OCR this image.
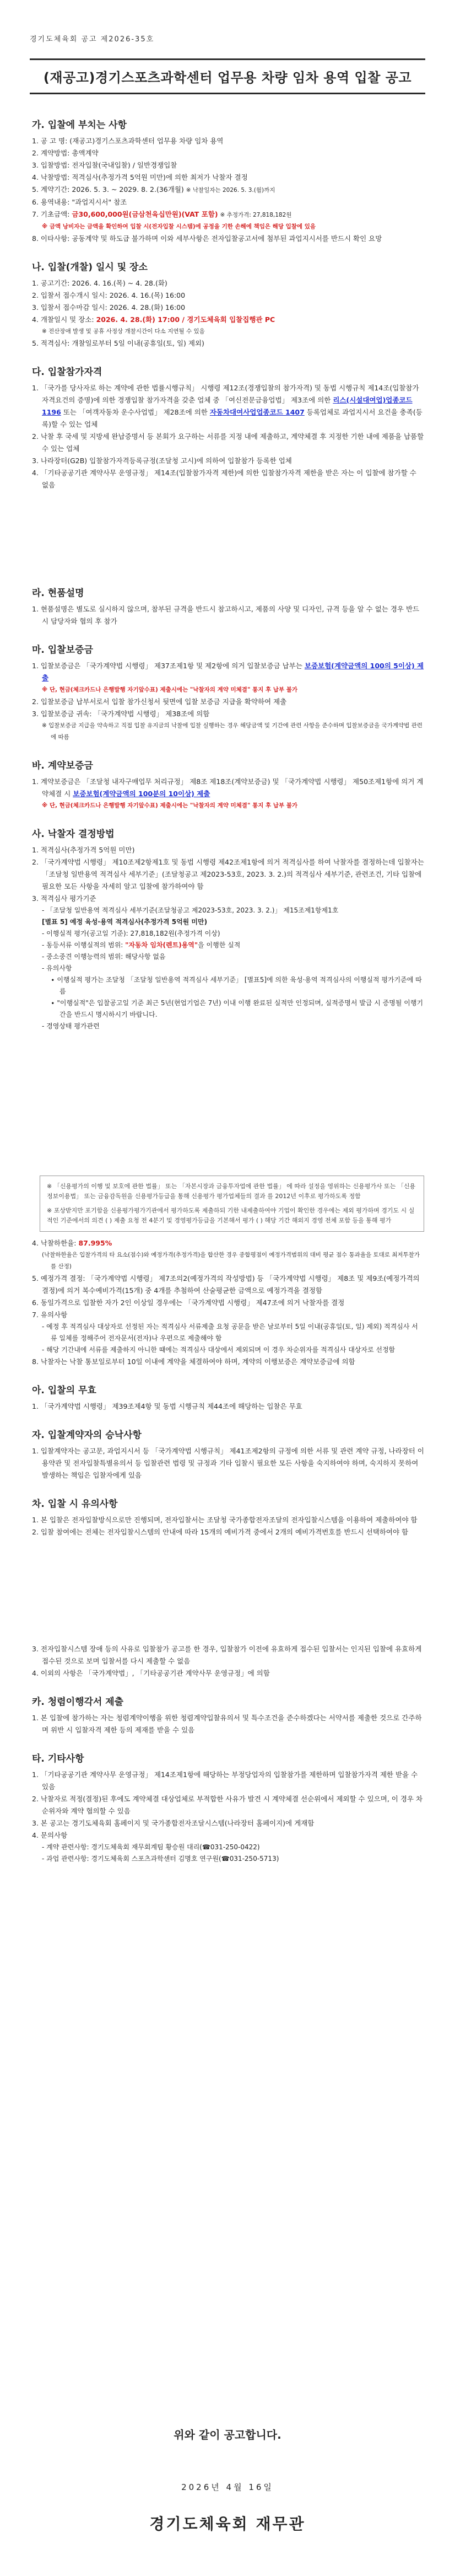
경기도체육회 공고 제2026-35호
(재공고)경기스포츠과학센터 업무용 차량 임차 용역 입찰 공고
가. 입찰에 부치는 사항

1. 공 고 명: (재공고)경기스포츠과학센터 업무용 차량 임차 용역

2. 계약방법: 총액계약

3. 입찰방법: 전자입찰(국내입찰) / 일반경쟁입찰

4. 낙찰방법: 적격심사(추정가격 5억원 미만)에 의한 최저가 낙찰자 결정

5. 계약기간: 2026. 5. 3. ~ 2029. 8. 2.(36개월) ※ 낙찰일자는 2026. 5. 3.(월)까지

6. 용역내용: "과업지시서" 참조

7. 기초금액: 금30,600,000원(금삼천육십만원)(VAT 포함) ※ 추정가격: 27,818,182원

※ 금액 낭비자는 금액을 확인하여 입찰 시(전자입찰 시스템)에 공정을 기한 손해에 책임은 해당 입찰에 있음

8. 이타사항: 공동계약 및 하도급 불가하며 이와 세부사항은 전자입찰공고서에 첨부된 과업지시서를 반드시 확인 요망

나. 입찰(개찰) 일시 및 장소

1. 공고기간: 2026. 4. 16.(목) ~ 4. 28.(화)

2. 입찰서 접수개시 일시: 2026. 4. 16.(목) 16:00

3. 입찰서 접수마감 일시: 2026. 4. 28.(화) 16:00

4. 개찰일시 및 장소: 2026. 4. 28.(화) 17:00 / 경기도체육회 입찰집행관 PC

※ 전산장애 발생 및 공휴 사정상 개찰시간이 다소 지연될 수 있음

5. 적격심사: 개찰일로부터 5일 이내(공휴일(토, 일) 제외)

다. 입찰참가자격

1. 「국가를 당사자로 하는 계약에 관한 법률시행규칙」 시행령 제12조(경쟁입찰의 참가자격) 및 동법 시행규칙 제14조(입찰참가자격요건의 증명)에 의한 경쟁입찰 참가자격을 갖춘 업체 중 「여신전문금융업법」 제3조에 의한 리스(시설대여업)업종코드 1196 또는 「여객자동차 운수사업법」 제28조에 의한 자동차대여사업업종코드 1407 등록업체로 과업지시서 요건을 충족(등록)할 수 있는 업체

2. 낙찰 후 국세 및 지방세 완납증명서 등 본회가 요구하는 서류를 지정 내에 제출하고, 계약체결 후 지정한 기한 내에 제품을 납품할 수 있는 업체

3. 나라장터(G2B) 입찰참가자격등록규정(조달청 고시)에 의하여 입찰참가 등록한 업체

4. 「기타공공기관 계약사무 운영규정」 제14조(입찰참가자격 제한)에 의한 입찰참가자격 제한을 받은 자는 이 입찰에 참가할 수 없음

라. 현품설명

1. 현품설명은 별도로 실시하지 않으며, 참부된 규격을 반드시 참고하시고, 제품의 사양 및 디자인, 규격 등을 알 수 없는 경우 반드시 담당자와 협의 후 참가

마. 입찰보증금

1. 입찰보증금은 「국가계약법 시행령」 제37조제1항 및 제2항에 의거 입찰보증금 납부는 보증보험(계약금액의 100의 5이상) 제출

※ 단, 현금(체크카드나 은행발행 자기앞수표) 제출시에는 "낙찰자의 계약 미체결" 통지 후 납부 불가

2. 입찰보증금 납부서로서 입찰 참가신청서 뒷면에 입찰 보증금 지급을 확약하여 제출

3. 입찰보증금 귀속: 「국가계약법 시행령」 제38조에 의함

※ 입찰보증금 지급을 약속하고 직접 입찰 유지금의 낙찰에 입찰 실행하는 경우 해당금액 및 기간에 관련 사항을 준수하며 입찰보증금을 국가계약법 관련에 따름

바. 계약보증금

1. 계약보증금은 「조달청 내자구매업무 처리규정」 제8조 제18조(계약보증금) 및 「국가계약법 시행령」 제50조제1항에 의거 계약체결 시 보증보험(계약금액의 100분의 10이상) 제출

※ 단, 현금(체크카드나 은행발행 자기앞수표) 제출시에는 "낙찰자의 계약 미체결" 통지 후 납부 불가

사. 낙찰자 결정방법

1. 적격심사(추정가격 5억원 미만)

2. 「국가계약법 시행령」 제10조제2항제1호 및 동법 시행령 제42조제1항에 의거 적격심사를 하여 낙찰자를 결정하는데 입찰자는 「조달청 일반용역 적격심사 세부기준」(조달청공고 제2023-53호, 2023. 3. 2.)의 적격심사 세부기준, 관련조건, 기타 입찰에 필요한 모든 사항을 자세히 알고 입찰에 참가하여야 함

3. 적격심사 평가기준

- 「조달청 일반용역 적격심사 세부기준(조달청공고 제2023-53호, 2023. 3. 2.)」 제15조제1항제1호

[별표 5] 예정 육성·용역 적격심사(추정가격 5억원 미만)

- 이행실적 평가(공고일 기준): 27,818,182원(추정가격 이상)

- 동등서류 이행실적의 범위: "자동차 임차(렌트)용역"을 이행한 실적

- 중소중견 이행능력의 범위: 해당사항 없음

- 유의사항

∙ 이행실적 평가는 조달청 「조달청 일반용역 적격심사 세부기준」 [별표5]에 의한 육성·용역 적격심사의 이행실적 평가기준에 따름

∙ "이행실적"은 입찰공고일 기준 최근 5년(현업기업은 7년) 이내 이행 완료된 실적만 인정되며, 실적증명서 발급 시 증명될 이행기간을 반드시 명시하시기 바랍니다.

- 경영상태 평가관련

※ 「신용평가의 이행 및 보호에 관한 법률」 또는 「자본시장과 금융투자업에 관한 법률」 에 따라 설정을 영위하는 신용평가사 또는 「신용정보이용법」 또는 금융감독원을 신용평가등급을 통해 신용평가 평가업체들의 결과 를 2012년 이후로 평가하도록 정함
※ 포상받지만 포기함을 신용평가평가기관에서 평가하도록 제출하되 기한 내제출하여야 기업이 확인한 경우에는 제외 평가하며 경기도 시 실적인 기준에서의 의견 ( ) 제출 요청 전 4분기 및 경영평가등급을 기본해서 평가 ( ) 해당 기간 해외지 경영 전체 포함 등을 통해 평가

4. 낙찰하한율: 87.995%

(낙찰하한율은 입찰가격의 타 요소(점수)와 예정가격(추정가격)을 합산한 경우 종합평점이 예정가격범위의 대비 평균 점수 통과율을 토대로 최저투찰가를 산정)

5. 예정가격 결정: 「국가계약법 시행령」 제7조의2(예정가격의 작성방법) 등 「국가계약법 시행령」 제8조 및 제9조(예정가격의 결정)에 의거 복수예비가격(15개) 중 4개를 추첨하여 산술평균한 금액으로 예정가격을 결정함

6. 동일가격으로 입찰한 자가 2인 이상일 경우에는 「국가계약법 시행령」 제47조에 의거 낙찰자를 결정

7. 유의사항

- 예정 후 적격심사 대상자로 선정된 자는 적격심사 서류제출 요청 공문을 받은 날로부터 5일 이내(공휴일(토, 일) 제외) 적격심사 서류 일체를 정해주어 전자문서(전자)나 우편으로 제출해야 함

- 해당 기간내에 서류를 제출하지 아니한 때에는 적격심사 대상에서 제외되며 이 경우 차순위자를 적격심사 대상자로 선정함

8. 낙찰자는 낙찰 통보일로부터 10일 이내에 계약을 체결하여야 하며, 계약의 이행보증은 계약보증금에 의함

아. 입찰의 무효

1. 「국가계약법 시행령」 제39조제4항 및 동법 시행규칙 제44조에 해당하는 입찰은 무효

자. 입찰계약자의 승낙사항

1. 입찰계약자는 공고문, 과업지시서 등 「국가계약법 시행규칙」 제41조제2항의 규정에 의한 서류 및 관련 계약 규정, 나라장터 이용약관 및 전자입찰특별유의서 등 입찰관련 법령 및 규정과 기타 입찰시 필요한 모든 사항을 숙지하여야 하며, 숙지하지 못하여 발생하는 책임은 입찰자에게 있음

차. 입찰 시 유의사항

1. 본 입찰은 전자입찰방식으로만 진행되며, 전자입찰서는 조달청 국가종합전자조달의 전자입찰시스템을 이용하여 제출하여야 함

2. 입찰 참여에는 전체는 전자입찰시스템의 안내에 따라 15개의 예비가격 중에서 2개의 예비가격번호를 반드시 선택하여야 함

3. 전자입찰시스템 장애 등의 사유로 입찰참가 공고를 한 경우, 입찰참가 이전에 유효하게 접수된 입찰서는 인지된 입찰에 유효하게 접수된 것으로 보며 입찰서를 다시 제출할 수 없음

4. 이외의 사항은 「국가계약법」, 「기타공공기관 계약사무 운영규정」에 의함

카. 청렴이행각서 제출

1. 본 입찰에 참가하는 자는 청렴계약이행을 위한 청렴계약입찰유의서 및 특수조건을 준수하겠다는 서약서를 제출한 것으로 간주하며 위반 시 입찰자격 제한 등의 제재를 받을 수 있음

타. 기타사항

1. 「기타공공기관 계약사무 운영규정」 제14조제1항에 해당하는 부정당업자의 입찰참가를 제한하며 입찰참가자격 제한 받을 수 있음

2. 낙찰자로 적정(결정)된 후에도 계약체결 대상업체로 부적합한 사유가 발견 시 계약체결 선순위에서 제외할 수 있으며, 이 경우 차순위자와 계약 협의할 수 있음

3. 본 공고는 경기도체육회 홈페이지 및 국가종합전자조달시스템(나라장터 홈페이지)에 게재함

4. 문의사항

- 계약 관련사항: 경기도체육회 재무회계팀 황승원 대리(☎031-250-0422)

- 과업 관련사항: 경기도체육회 스포츠과학센터 김명호 연구원(☎031-250-5713)

위와 같이 공고합니다.
2026년 4월 16일
경기도체육회 재무관
